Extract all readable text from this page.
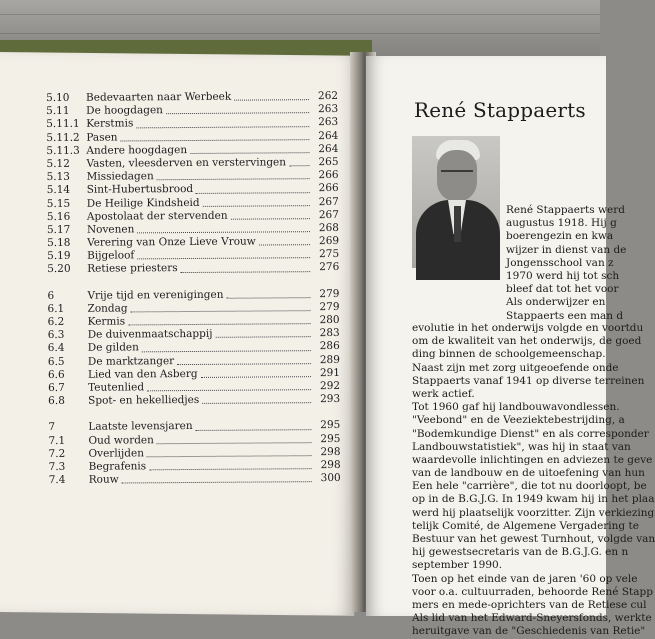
5.10	Bedevaarten naar Werbeek	262
5.11	De hoogdagen	263
5.11.1 Kerstmis	263
5.11.2 Pasen	264
5.11.3 Andere hoogdagen	264
5.12	Vasten, vleesderven en verstervingen	265
5.13	Missiedagen	266
5.14	Sint-Hubertusbrood	266
5.15	De Heilige Kindsheid	267
5.16	Apostolaat der stervenden	267
5.17	Novenen	268
5.18	Verering van Onze Lieve Vrouw	269
5.19	Bijgeloof	275
5.20	Retiese priesters	276
6	Vrije tijd en verenigingen	279
6.1	Zondag	279
6.2	Kermis	280
6.3	De duivenmaatschappij	283
6.4	De gilden	286
6.5	De marktzanger	289
6.6	Lied van den Asberg	291
6.7	Teutenlied	292
6.8	Spot- en hekelliedjes	293
7	Laatste levensjaren	295
7.1	Oud worden	295
7.2	Overlijden	298
7.3	Begrafenis	298
7.4	Rouw	300
René Stappaerts
René Stappaerts werd
augustus 1918. Hij g
boerengezin en kwa
wijzer in dienst van de
Jongensschool van z
1970 werd hij tot sch
bleef dat tot het voor
Als onderwijzer en
Stappaerts een man d
evolutie in het onderwijs volgde en voortdu
om de kwaliteit van het onderwijs, de goed
ding binnen de schoolgemeenschap.
Naast zijn met zorg uitgeoefende onde
Stappaerts vanaf 1941 op diverse terreinen
werk actief.
Tot 1960 gaf hij landbouwavondlessen.
"Veebond" en de Veeziektebestrijding, a
"Bodemkundige Dienst" en als corresponder
Landbouwstatistiek", was hij in staat van
waardevolle inlichtingen en adviezen te geve
van de landbouw en de uitoefening van hun
Een hele "carrière", die tot nu doorloopt, be
op in de B.G.J.G. In 1949 kwam hij in het plaa
werd hij plaatselijk voorzitter. Zijn verkiezing
telijk Comité, de Algemene Vergadering te
Bestuur van het gewest Turnhout, volgde van
hij gewestsecretaris van de B.G.J.G. en n
september 1990.
Toen op het einde van de jaren '60 op vele
voor o.a. cultuurraden, behoorde René Stapp
mers en mede-oprichters van de Retiese cul
Als lid van het Edward-Sneyersfonds, werkte
heruitgave van de "Geschiedenis van Retie"
